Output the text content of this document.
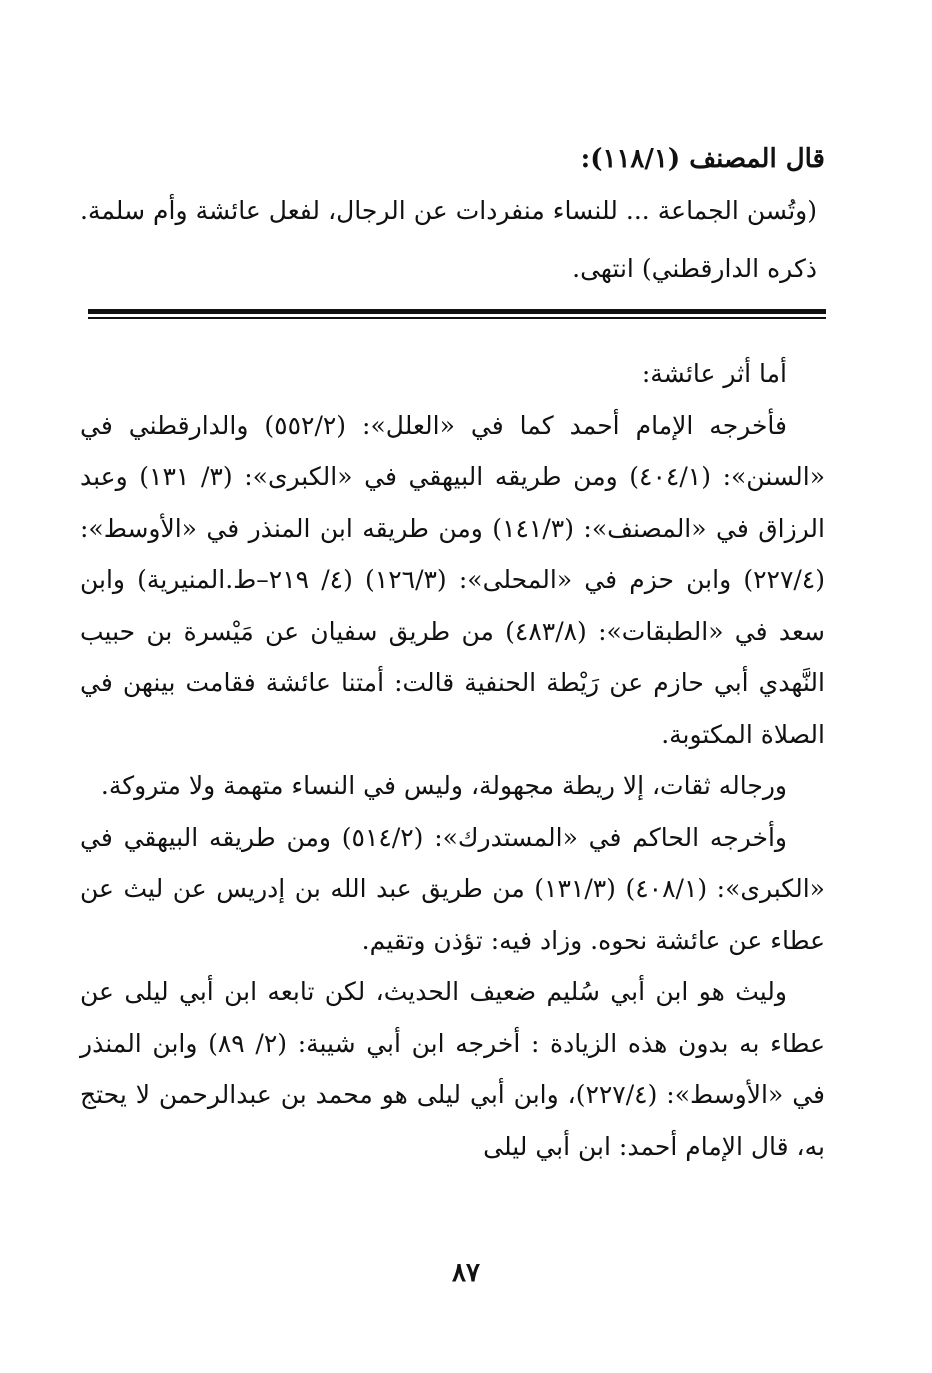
قال المصنف (١١٨/١):

(وتُسن الجماعة ... للنساء منفردات عن الرجال، لفعل عائشة وأم سلمة. ذكره الدارقطني) انتهى.

أما أثر عائشة:

فأخرجه الإمام أحمد كما في «العلل»: (٥٥٢/٢) والدارقطني في «السنن»: (٤٠٤/١) ومن طريقه البيهقي في «الكبرى»: (٣/ ١٣١) وعبد الرزاق في «المصنف»: (١٤١/٣) ومن طريقه ابن المنذر في «الأوسط»: (٢٢٧/٤) وابن حزم في «المحلى»: (١٢٦/٣) (٤/ ٢١٩–ط.المنيرية) وابن سعد في «الطبقات»: (٤٨٣/٨) من طريق سفيان عن مَيْسرة بن حبيب النَّهدي أبي حازم عن رَيْطة الحنفية قالت: أمتنا عائشة فقامت بينهن في الصلاة المكتوبة.

ورجاله ثقات، إلا ريطة مجهولة، وليس في النساء متهمة ولا متروكة.

وأخرجه الحاكم في «المستدرك»: (٥١٤/٢) ومن طريقه البيهقي في «الكبرى»: (٤٠٨/١) (١٣١/٣) من طريق عبد الله بن إدريس عن ليث عن عطاء عن عائشة نحوه. وزاد فيه: تؤذن وتقيم.

وليث هو ابن أبي سُليم ضعيف الحديث، لكن تابعه ابن أبي ليلى عن عطاء به بدون هذه الزيادة : أخرجه ابن أبي شيبة: (٢/ ٨٩) وابن المنذر في «الأوسط»: (٢٢٧/٤)، وابن أبي ليلى هو محمد بن عبدالرحمن لا يحتج به، قال الإمام أحمد: ابن أبي ليلى

٨٧
